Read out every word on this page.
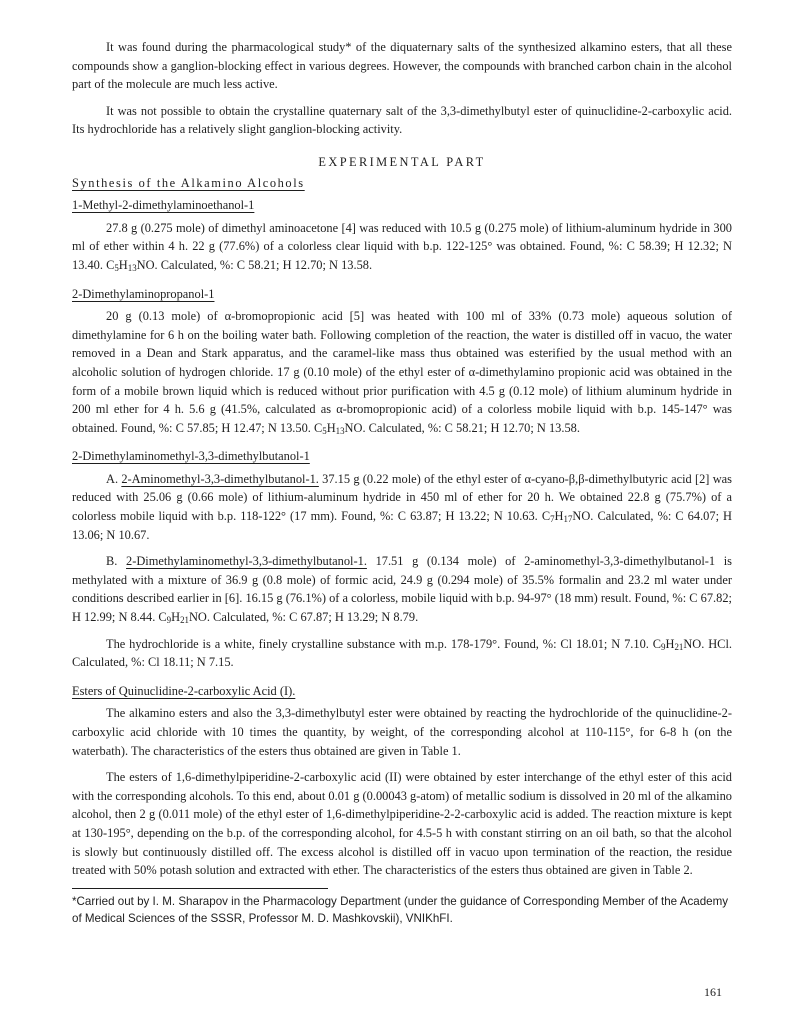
It was found during the pharmacological study* of the diquaternary salts of the synthesized alkamino esters, that all these compounds show a ganglion-blocking effect in various degrees. However, the compounds with branched carbon chain in the alcohol part of the molecule are much less active.

It was not possible to obtain the crystalline quaternary salt of the 3,3-dimethylbutyl ester of quinuclidine-2-carboxylic acid. Its hydrochloride has a relatively slight ganglion-blocking activity.

EXPERIMENTAL PART

Synthesis of the Alkamino Alcohols

1-Methyl-2-dimethylaminoethanol-1

27.8 g (0.275 mole) of dimethyl aminoacetone [4] was reduced with 10.5 g (0.275 mole) of lithium-aluminum hydride in 300 ml of ether within 4 h. 22 g (77.6%) of a colorless clear liquid with b.p. 122-125° was obtained. Found, %: C 58.39; H 12.32; N 13.40. $C_5H_{13}NO$. Calculated, %: C 58.21; H 12.70; N 13.58.

2-Dimethylaminopropanol-1

20 g (0.13 mole) of α-bromopropionic acid [5] was heated with 100 ml of 33% (0.73 mole) aqueous solution of dimethylamine for 6 h on the boiling water bath. Following completion of the reaction, the water is distilled off in vacuo, the water removed in a Dean and Stark apparatus, and the caramel-like mass thus obtained was esterified by the usual method with an alcoholic solution of hydrogen chloride. 17 g (0.10 mole) of the ethyl ester of α-dimethylamino propionic acid was obtained in the form of a mobile brown liquid which is reduced without prior purification with 4.5 g (0.12 mole) of lithium aluminum hydride in 200 ml ether for 4 h. 5.6 g (41.5%, calculated as α-bromopropionic acid) of a colorless mobile liquid with b.p. 145-147° was obtained. Found, %: C 57.85; H 12.47; N 13.50. $C_5H_{13}NO$. Calculated, %: C 58.21; H 12.70; N 13.58.

2-Dimethylaminomethyl-3,3-dimethylbutanol-1

A. 2-Aminomethyl-3,3-dimethylbutanol-1. 37.15 g (0.22 mole) of the ethyl ester of α-cyano-β,β-dimethylbutyric acid [2] was reduced with 25.06 g (0.66 mole) of lithium-aluminum hydride in 450 ml of ether for 20 h. We obtained 22.8 g (75.7%) of a colorless mobile liquid with b.p. 118-122° (17 mm). Found, %: C 63.87; H 13.22; N 10.63. $C_7H_{17}NO$. Calculated, %: C 64.07; H 13.06; N 10.67.

B. 2-Dimethylaminomethyl-3,3-dimethylbutanol-1. 17.51 g (0.134 mole) of 2-aminomethyl-3,3-dimethylbutanol-1 is methylated with a mixture of 36.9 g (0.8 mole) of formic acid, 24.9 g (0.294 mole) of 35.5% formalin and 23.2 ml water under conditions described earlier in [6]. 16.15 g (76.1%) of a colorless, mobile liquid with b.p. 94-97° (18 mm) result. Found, %: C 67.82; H 12.99; N 8.44. $C_9H_{21}NO$. Calculated, %: C 67.87; H 13.29; N 8.79.

The hydrochloride is a white, finely crystalline substance with m.p. 178-179°. Found, %: Cl 18.01; N 7.10. $C_9H_{21}NO$. HCl. Calculated, %: Cl 18.11; N 7.15.

Esters of Quinuclidine-2-carboxylic Acid (I).

The alkamino esters and also the 3,3-dimethylbutyl ester were obtained by reacting the hydrochloride of the quinuclidine-2-carboxylic acid chloride with 10 times the quantity, by weight, of the corresponding alcohol at 110-115°, for 6-8 h (on the waterbath). The characteristics of the esters thus obtained are given in Table 1.

The esters of 1,6-dimethylpiperidine-2-carboxylic acid (II) were obtained by ester interchange of the ethyl ester of this acid with the corresponding alcohols. To this end, about 0.01 g (0.00043 g-atom) of metallic sodium is dissolved in 20 ml of the alkamino alcohol, then 2 g (0.011 mole) of the ethyl ester of 1,6-dimethylpiperidine-2-2-carboxylic acid is added. The reaction mixture is kept at 130-195°, depending on the b.p. of the corresponding alcohol, for 4.5-5 h with constant stirring on an oil bath, so that the alcohol is slowly but continuously distilled off. The excess alcohol is distilled off in vacuo upon termination of the reaction, the residue treated with 50% potash solution and extracted with ether. The characteristics of the esters thus obtained are given in Table 2.

*Carried out by I. M. Sharapov in the Pharmacology Department (under the guidance of Corresponding Member of the Academy of Medical Sciences of the SSSR, Professor M. D. Mashkovskii), VNIKhFI.

161
